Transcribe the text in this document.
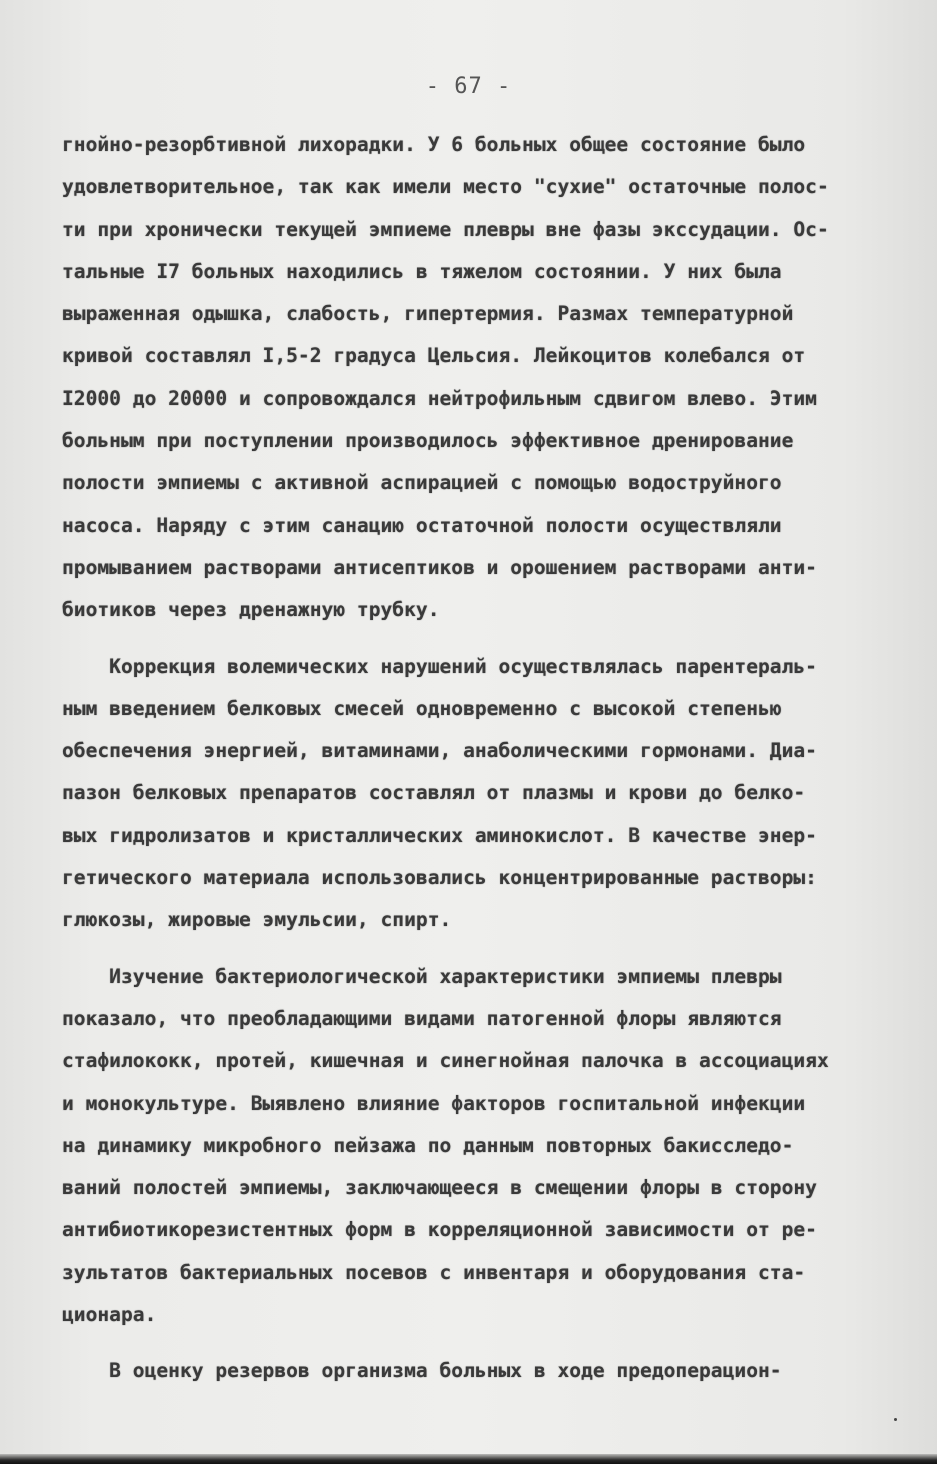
- 67 -
гнойно-резорбтивной лихорадки. У 6 больных общее состояние было
удовлетворительное, так как имели место "сухие" остаточные полос-
ти при хронически текущей эмпиеме плевры вне фазы эксcудации. Ос-
тальные I7 больных находились в тяжелом состоянии. У них была
выраженная одышка, слабость, гипертермия. Размах температурной
кривой составлял I,5-2 градуса Цельсия. Лейкоцитов колебался от
I2000 до 20000 и сопровождался нейтрофильным сдвигом влево. Этим
больным при поступлении производилось эффективное дренирование
полости эмпиемы с активной аспирацией с помощью водоструйного
насоса. Наряду с этим санацию остаточной полости осуществляли
промыванием растворами антисептиков и орошением растворами анти-
биотиков через дренажную трубку.
Коррекция волемических нарушений осуществлялась парентераль-
ным введением белковых смесей одновременно с высокой степенью
обеспечения энергией, витаминами, анаболическими гормонами. Диа-
пазон белковых препаратов составлял от плазмы и крови до белко-
вых гидролизатов и кристаллических аминокислот. В качестве энер-
гетического материала использовались концентрированные растворы:
глюкозы, жировые эмульсии, спирт.
Изучение бактериологической характеристики эмпиемы плевры
показало, что преобладающими видами патогенной флоры являются
стафилококк, протей, кишечная и синегнойная палочка в ассоциациях
и монокультуре. Выявлено влияние факторов госпитальной инфекции
на динамику микробного пейзажа по данным повторных бакисследо-
ваний полостей эмпиемы, заключающееся в смещении флоры в сторону
антибиотикорезистентных форм в корреляционной зависимости от ре-
зультатов бактериальных посевов с инвентаря и оборудования ста-
ционара.
В оценку резервов организма больных в ходе предоперацион-
